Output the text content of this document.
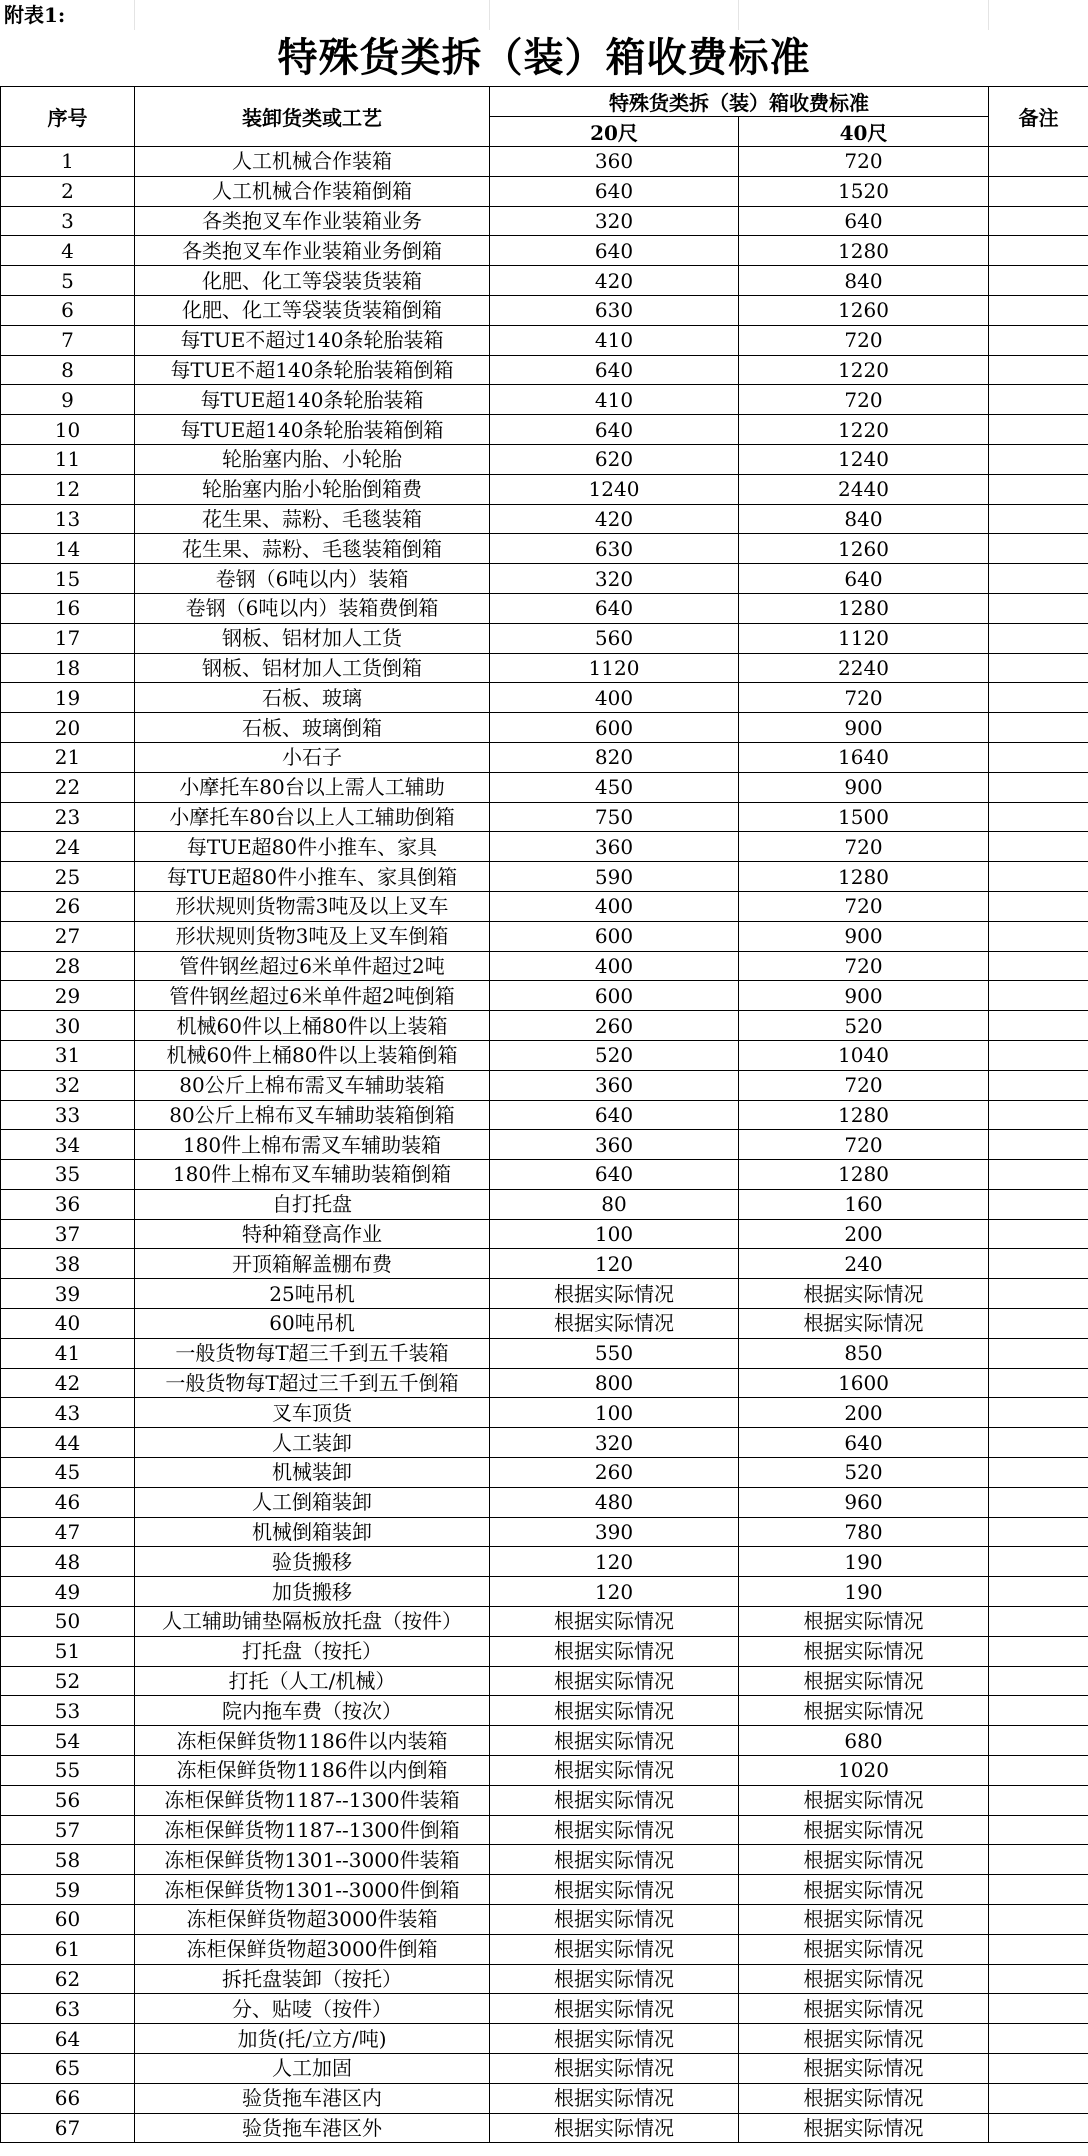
附表1:
特殊货类拆（装）箱收费标准
序号	装卸货类或工艺	特殊货类拆（装）箱收费标准		备注
		20尺	40尺	
1	人工机械合作装箱	360	720	
2	人工机械合作装箱倒箱	640	1520	
3	各类抱叉车作业装箱业务	320	640	
4	各类抱叉车作业装箱业务倒箱	640	1280	
5	化肥、化工等袋装货装箱	420	840	
6	化肥、化工等袋装货装箱倒箱	630	1260	
7	每TUE不超过140条轮胎装箱	410	720	
8	每TUE不超140条轮胎装箱倒箱	640	1220	
9	每TUE超140条轮胎装箱	410	720	
10	每TUE超140条轮胎装箱倒箱	640	1220	
11	轮胎塞内胎、小轮胎	620	1240	
12	轮胎塞内胎小轮胎倒箱费	1240	2440	
13	花生果、蒜粉、毛毯装箱	420	840	
14	花生果、蒜粉、毛毯装箱倒箱	630	1260	
15	卷钢（6吨以内）装箱	320	640	
16	卷钢（6吨以内）装箱费倒箱	640	1280	
17	钢板、铝材加人工货	560	1120	
18	钢板、铝材加人工货倒箱	1120	2240	
19	石板、玻璃	400	720	
20	石板、玻璃倒箱	600	900	
21	小石子	820	1640	
22	小摩托车80台以上需人工辅助	450	900	
23	小摩托车80台以上人工辅助倒箱	750	1500	
24	每TUE超80件小推车、家具	360	720	
25	每TUE超80件小推车、家具倒箱	590	1280	
26	形状规则货物需3吨及以上叉车	400	720	
27	形状规则货物3吨及上叉车倒箱	600	900	
28	管件钢丝超过6米单件超过2吨	400	720	
29	管件钢丝超过6米单件超2吨倒箱	600	900	
30	机械60件以上桶80件以上装箱	260	520	
31	机械60件上桶80件以上装箱倒箱	520	1040	
32	80公斤上棉布需叉车辅助装箱	360	720	
33	80公斤上棉布叉车辅助装箱倒箱	640	1280	
34	180件上棉布需叉车辅助装箱	360	720	
35	180件上棉布叉车辅助装箱倒箱	640	1280	
36	自打托盘	80	160	
37	特种箱登高作业	100	200	
38	开顶箱解盖棚布费	120	240	
39	25吨吊机	根据实际情况	根据实际情况	
40	60吨吊机	根据实际情况	根据实际情况	
41	一般货物每T超三千到五千装箱	550	850	
42	一般货物每T超过三千到五千倒箱	800	1600	
43	叉车顶货	100	200	
44	人工装卸	320	640	
45	机械装卸	260	520	
46	人工倒箱装卸	480	960	
47	机械倒箱装卸	390	780	
48	验货搬移	120	190	
49	加货搬移	120	190	
50	人工辅助铺垫隔板放托盘（按件）	根据实际情况	根据实际情况	
51	打托盘（按托）	根据实际情况	根据实际情况	
52	打托（人工/机械）	根据实际情况	根据实际情况	
53	院内拖车费（按次）	根据实际情况	根据实际情况	
54	冻柜保鲜货物1186件以内装箱	根据实际情况	680	
55	冻柜保鲜货物1186件以内倒箱	根据实际情况	1020	
56	冻柜保鲜货物1187--1300件装箱	根据实际情况	根据实际情况	
57	冻柜保鲜货物1187--1300件倒箱	根据实际情况	根据实际情况	
58	冻柜保鲜货物1301--3000件装箱	根据实际情况	根据实际情况	
59	冻柜保鲜货物1301--3000件倒箱	根据实际情况	根据实际情况	
60	冻柜保鲜货物超3000件装箱	根据实际情况	根据实际情况	
61	冻柜保鲜货物超3000件倒箱	根据实际情况	根据实际情况	
62	拆托盘装卸（按托）	根据实际情况	根据实际情况	
63	分、贴唛（按件）	根据实际情况	根据实际情况	
64	加货(托/立方/吨)	根据实际情况	根据实际情况	
65	人工加固	根据实际情况	根据实际情况	
66	验货拖车港区内	根据实际情况	根据实际情况	
67	验货拖车港区外	根据实际情况	根据实际情况	
